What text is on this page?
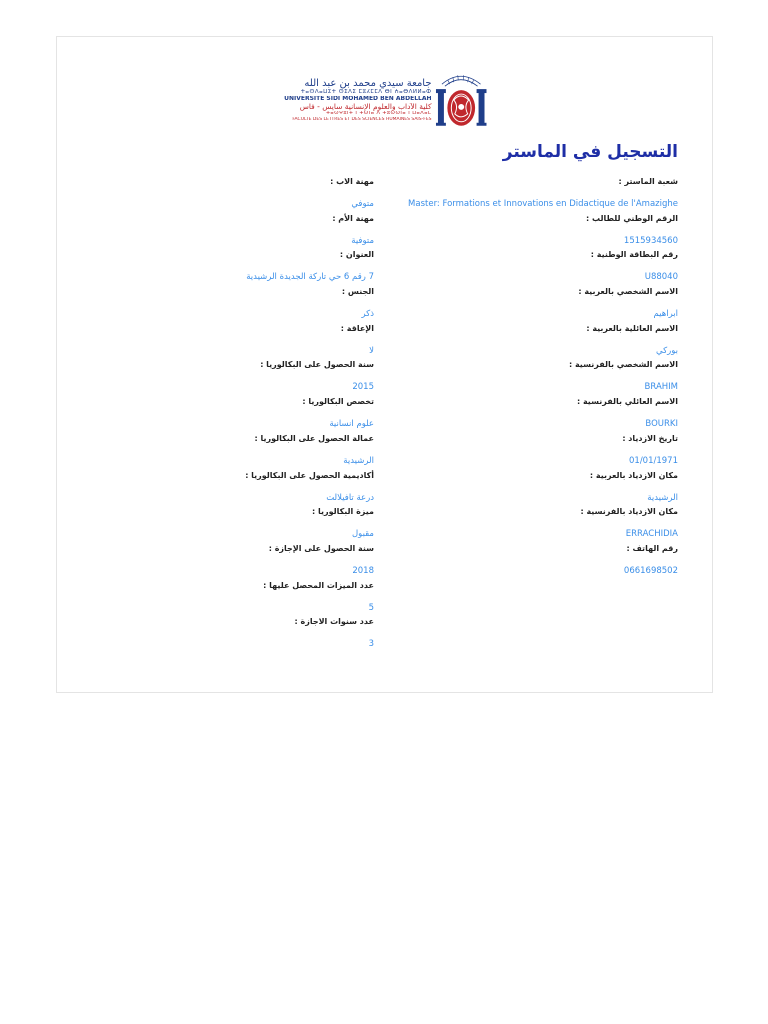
جامعة سيدي محمد بن عبد الله
ⵜⴰⵙⴷⴰⵡⵉⵜ ⵙⵉⴷⵉ ⵎⵓⵃⵎⵎⴷ ⴱⵏ ⵄⴰⴱⴷⵍⵍⴰⵀ
UNIVERSITÉ SIDI MOHAMED BEN ABDELLAH
كلية الآداب والعلوم الإنسانية سايس - فاس
ⵜⴰⵙⵖⵓⵏⵜ ⵏ ⵜⵙⵏⴰ ⴷ ⵜⵓⵙⵙⵏⴰ ⵏ ⵡⴰⴷⴰⵎ
FACULTÉ DES LETTRES ET DES SCIENCES HUMAINES SAÏS-FÈS
التسجيل في الماستر
شعبة الماستر :
Master: Formations et Innovations en Didactique de l'Amazighe
الرقم الوطني للطالب :
1515934560
رقم البطاقة الوطنية :
U88040
الاسم الشخصي بالعربية :
ابراهيم
الاسم العائلية بالعربية :
بوركي
الاسم الشخصي بالفرنسية :
BRAHIM
الاسم العائلي بالفرنسية :
BOURKI
تاريخ الازدياد :
01/01/1971
مكان الازدياد بالعربية :
الرشيدية
مكان الازدياد بالفرنسية :
ERRACHIDIA
رقم الهاتف :
0661698502
مهنة الاب :
متوفي
مهنة الأم :
متوفية
العنوان :
7 رقم 6 حي تاركة الجديدة الرشيدية
الجنس :
ذكر
الإعاقة :
لا
سنة الحصول على البكالوريا :
2015
تخصص البكالوريا :
علوم انسانية
عمالة الحصول على البكالوريا :
الرشيدية
أكاديمية الحصول على البكالوريا :
درعة تافيلالت
ميزة البكالوريا :
مقبول
سنة الحصول على الإجازة :
2018
عدد الميزات المحصل عليها :
5
عدد سنوات الاجازة :
3
